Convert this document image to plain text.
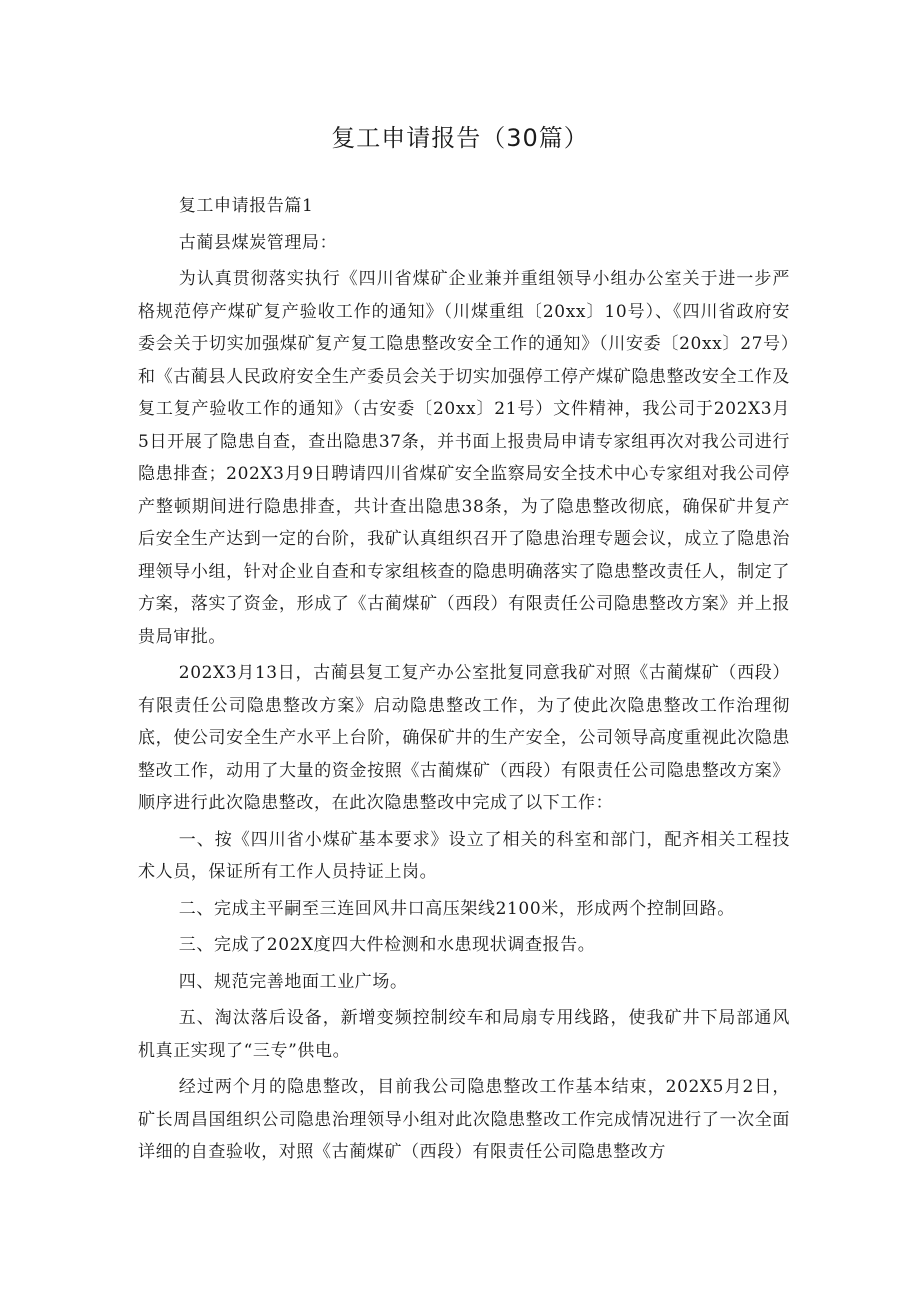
复工申请报告（30篇）

复工申请报告篇1

古蔺县煤炭管理局：

为认真贯彻落实执行《四川省煤矿企业兼并重组领导小组办公室关于进一步严格规范停产煤矿复产验收工作的通知》（川煤重组〔20xx〕10号）、《四川省政府安委会关于切实加强煤矿复产复工隐患整改安全工作的通知》（川安委〔20xx〕27号）和《古蔺县人民政府安全生产委员会关于切实加强停工停产煤矿隐患整改安全工作及复工复产验收工作的通知》（古安委〔20xx〕21号）文件精神，我公司于202X3月5日开展了隐患自查，查出隐患37条，并书面上报贵局申请专家组再次对我公司进行隐患排查；202X3月9日聘请四川省煤矿安全监察局安全技术中心专家组对我公司停产整顿期间进行隐患排查，共计查出隐患38条，为了隐患整改彻底，确保矿井复产后安全生产达到一定的台阶，我矿认真组织召开了隐患治理专题会议，成立了隐患治理领导小组，针对企业自查和专家组核查的隐患明确落实了隐患整改责任人，制定了方案，落实了资金，形成了《古蔺煤矿（西段）有限责任公司隐患整改方案》并上报贵局审批。

202X3月13日，古蔺县复工复产办公室批复同意我矿对照《古蔺煤矿（西段）有限责任公司隐患整改方案》启动隐患整改工作，为了使此次隐患整改工作治理彻底，使公司安全生产水平上台阶，确保矿井的生产安全，公司领导高度重视此次隐患整改工作，动用了大量的资金按照《古蔺煤矿（西段）有限责任公司隐患整改方案》顺序进行此次隐患整改，在此次隐患整改中完成了以下工作：

一、按《四川省小煤矿基本要求》设立了相关的科室和部门，配齐相关工程技术人员，保证所有工作人员持证上岗。

二、完成主平嗣至三连回风井口高压架线2100米，形成两个控制回路。

三、完成了202X度四大件检测和水患现状调查报告。

四、规范完善地面工业广场。

五、淘汰落后设备，新增变频控制绞车和局扇专用线路，使我矿井下局部通风机真正实现了“三专”供电。

经过两个月的隐患整改，目前我公司隐患整改工作基本结束，202X5月2日，矿长周昌国组织公司隐患治理领导小组对此次隐患整改工作完成情况进行了一次全面详细的自查验收，对照《古蔺煤矿（西段）有限责任公司隐患整改方
